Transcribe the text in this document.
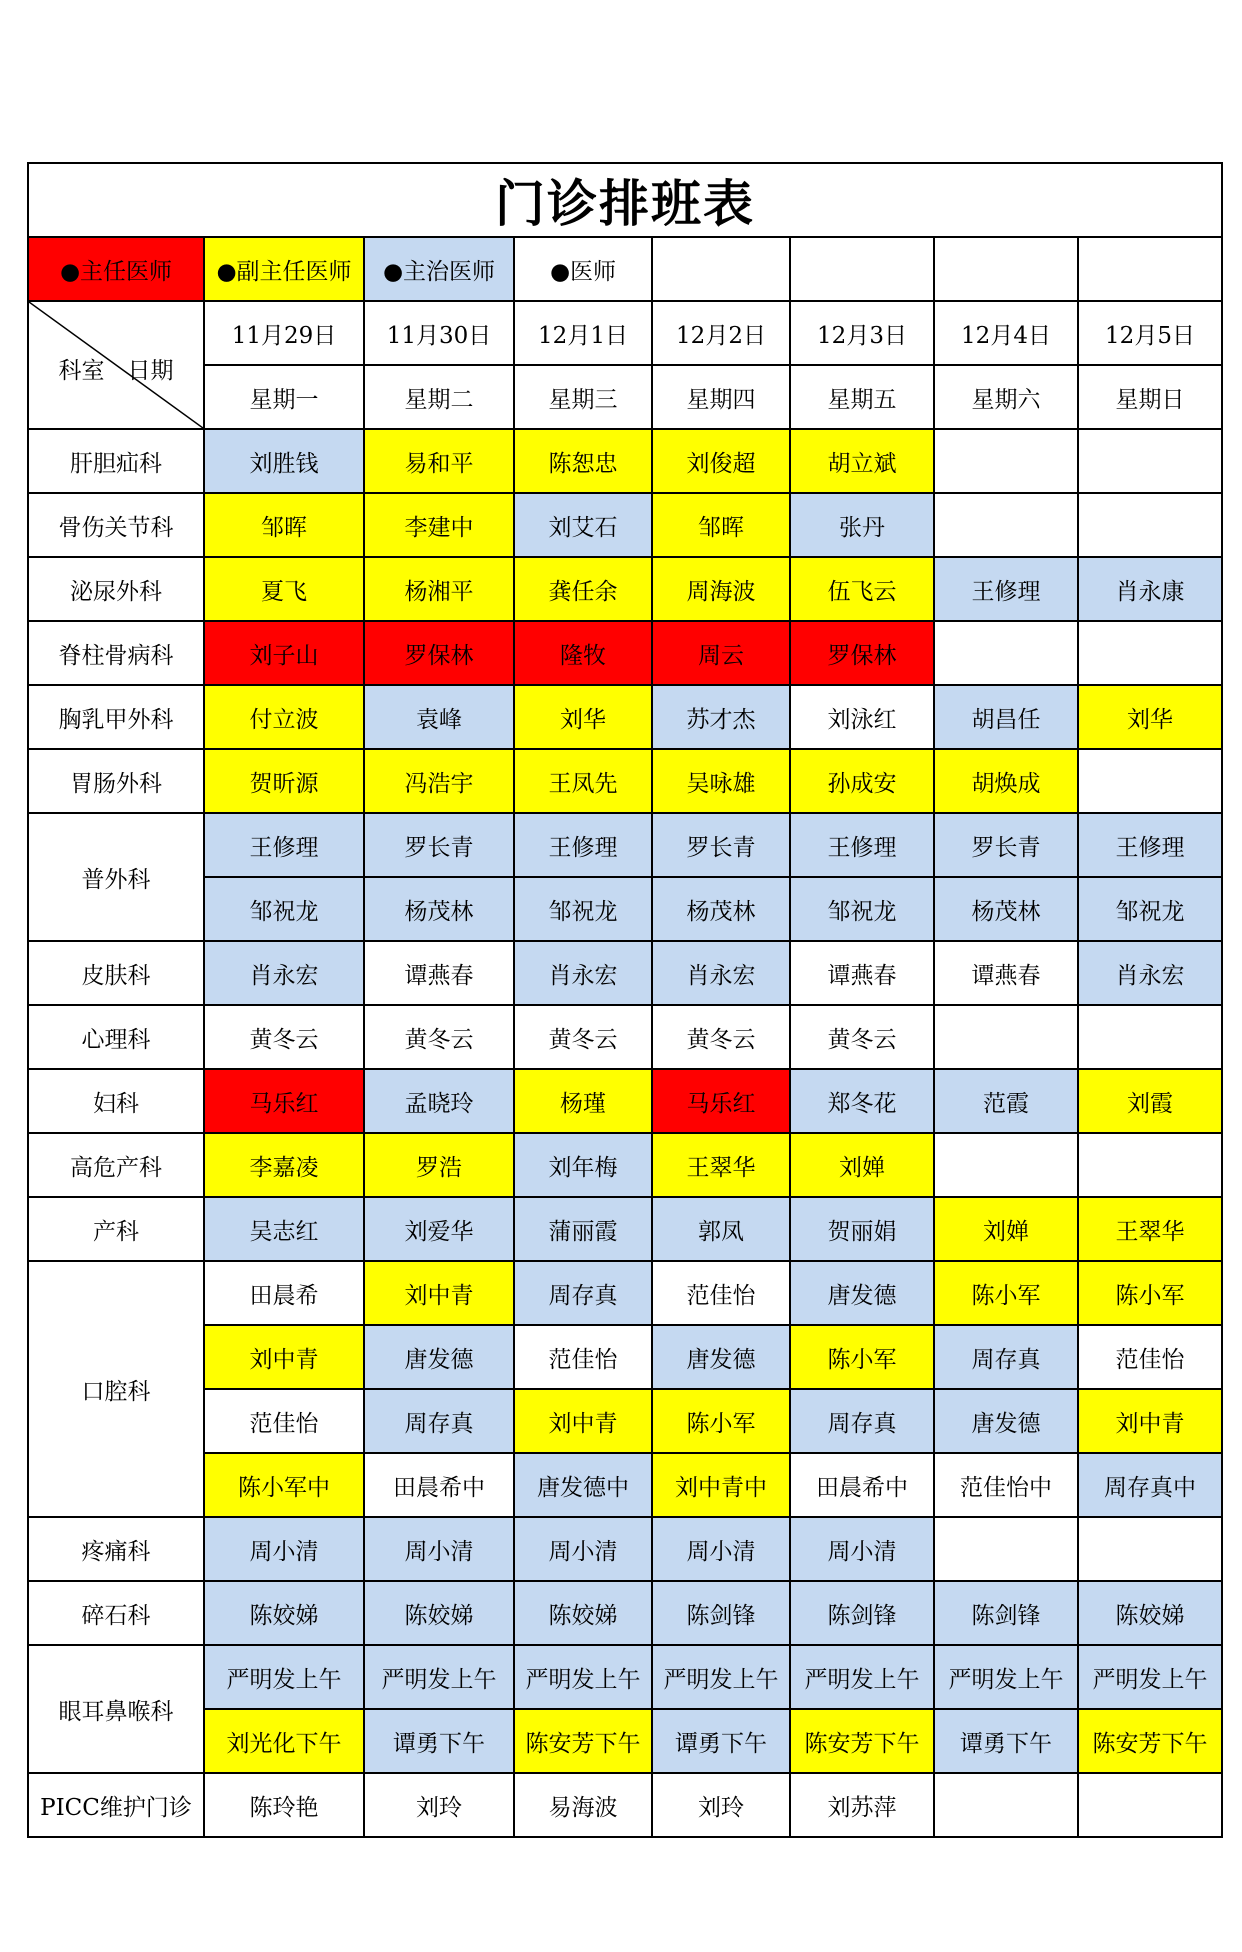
门诊排班表							
●主任医师	●副主任医师	●主治医师	●医师				

科室　日期	11月29日	11月30日	12月1日	12月2日	12月3日	12月4日	12月5日
	星期一	星期二	星期三	星期四	星期五	星期六	星期日
肝胆疝科	刘胜钱	易和平	陈恕忠	刘俊超	胡立斌		
骨伤关节科	邹晖	李建中	刘艾石	邹晖	张丹		
泌尿外科	夏飞	杨湘平	龚任余	周海波	伍飞云	王修理	肖永康
脊柱骨病科	刘子山	罗保林	隆牧	周云	罗保林		
胸乳甲外科	付立波	袁峰	刘华	苏才杰	刘泳红	胡昌任	刘华
胃肠外科	贺昕源	冯浩宇	王凤先	吴咏雄	孙成安	胡焕成	
普外科	王修理	罗长青	王修理	罗长青	王修理	罗长青	王修理
	邹祝龙	杨茂林	邹祝龙	杨茂林	邹祝龙	杨茂林	邹祝龙
皮肤科	肖永宏	谭燕春	肖永宏	肖永宏	谭燕春	谭燕春	肖永宏
心理科	黄冬云	黄冬云	黄冬云	黄冬云	黄冬云		
妇科	马乐红	孟晓玲	杨瑾	马乐红	郑冬花	范霞	刘霞
高危产科	李嘉凌	罗浩	刘年梅	王翠华	刘婵		
产科	吴志红	刘爱华	蒲丽霞	郭凤	贺丽娟	刘婵	王翠华
口腔科	田晨希	刘中青	周存真	范佳怡	唐发德	陈小军	陈小军
	刘中青	唐发德	范佳怡	唐发德	陈小军	周存真	范佳怡
	范佳怡	周存真	刘中青	陈小军	周存真	唐发德	刘中青
	陈小军中	田晨希中	唐发德中	刘中青中	田晨希中	范佳怡中	周存真中
疼痛科	周小清	周小清	周小清	周小清	周小清		
碎石科	陈姣娣	陈姣娣	陈姣娣	陈剑锋	陈剑锋	陈剑锋	陈姣娣
眼耳鼻喉科	严明发上午	严明发上午	严明发上午	严明发上午	严明发上午	严明发上午	严明发上午
	刘光化下午	谭勇下午	陈安芳下午	谭勇下午	陈安芳下午	谭勇下午	陈安芳下午
PICC维护门诊	陈玲艳	刘玲	易海波	刘玲	刘苏萍		
